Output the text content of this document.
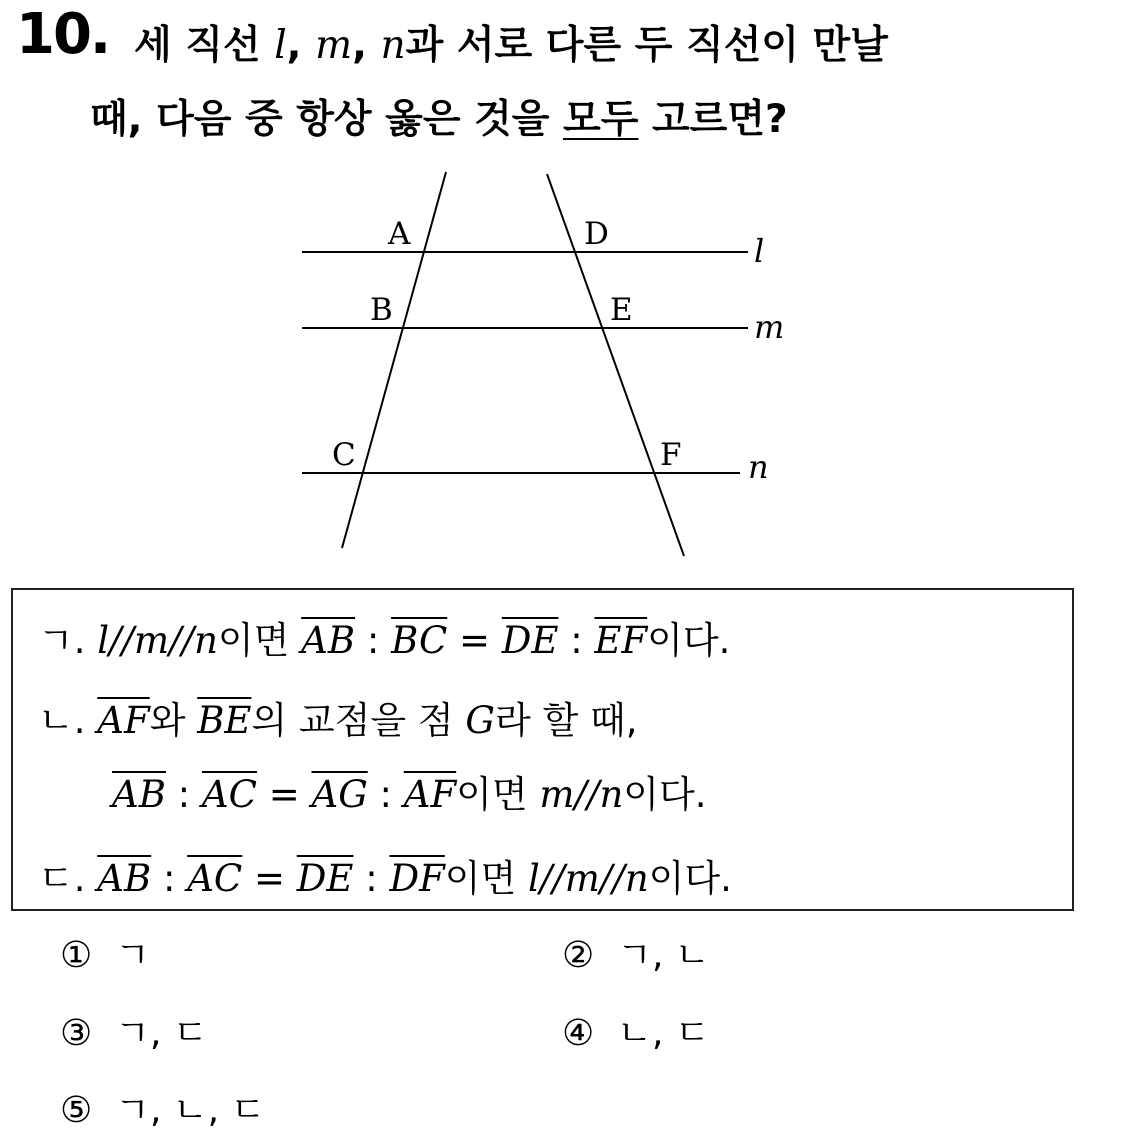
10. 세 직선 l, m, n과 서로 다른 두 직선이 만날
때, 다음 중 항상 옳은 것을 모두 고르면?
A
B
C
D
E
F
l
m
n
ㄱ. l//m//n이면 $\overline{AB}$ : $\overline{BC} = \overline{DE}$ : $\overline{EF}$이다.
ㄴ. $\overline{AF}$와 $\overline{BE}$의 교점을 점 G라 할 때,
$\overline{AB}$ : $\overline{AC} = \overline{AG}$ : $\overline{AF}$이면 m//n이다.
ㄷ. $\overline{AB}$ : $\overline{AC} = \overline{DE}$ : $\overline{DF}$이면 l//m//n이다.
① ㄱ	② ㄱ, ㄴ
③ ㄱ, ㄷ	④ ㄴ, ㄷ
⑤ ㄱ, ㄴ, ㄷ
